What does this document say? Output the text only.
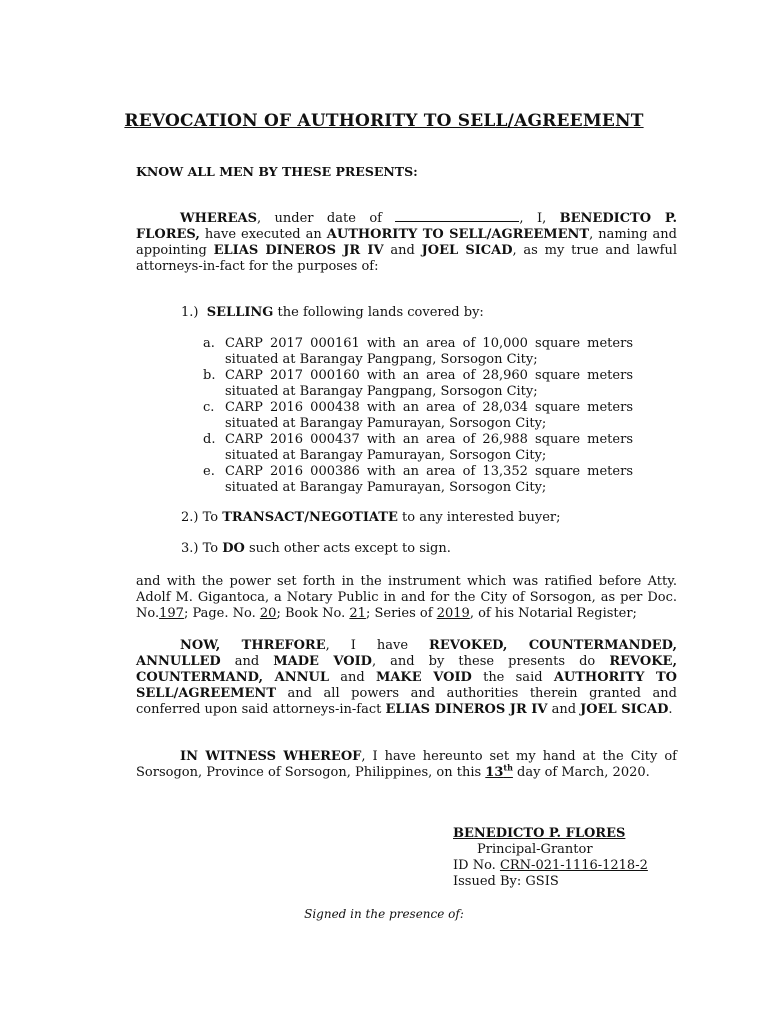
REVOCATION OF AUTHORITY TO SELL/AGREEMENT
KNOW ALL MEN BY THESE PRESENTS:
WHEREAS, under date of	, I, BENEDICTO P. FLORES, have executed an AUTHORITY TO SELL/AGREEMENT, naming and appointing ELIAS DINEROS JR IV and JOEL SICAD, as my true and lawful attorneys-in-fact for the purposes of:
1.) SELLING the following lands covered by:
a. CARP 2017 000161 with an area of 10,000 square meters situated at Barangay Pangpang, Sorsogon City;
b. CARP 2017 000160 with an area of 28,960 square meters situated at Barangay Pangpang, Sorsogon City;
c. CARP 2016 000438 with an area of 28,034 square meters situated at Barangay Pamurayan, Sorsogon City;
d. CARP 2016 000437 with an area of 26,988 square meters situated at Barangay Pamurayan, Sorsogon City;
e. CARP 2016 000386 with an area of 13,352 square meters situated at Barangay Pamurayan, Sorsogon City;
2.) To TRANSACT/NEGOTIATE to any interested buyer;
3.) To DO such other acts except to sign.
and with the power set forth in the instrument which was ratified before Atty. Adolf M. Gigantoca, a Notary Public in and for the City of Sorsogon, as per Doc. No.197; Page. No. 20; Book No. 21; Series of 2019, of his Notarial Register;
NOW, THREFORE, I have REVOKED, COUNTERMANDED, ANNULLED and MADE VOID, and by these presents do REVOKE, COUNTERMAND, ANNUL and MAKE VOID the said AUTHORITY TO SELL/AGREEMENT and all powers and authorities therein granted and conferred upon said attorneys-in-fact ELIAS DINEROS JR IV and JOEL SICAD.
IN WITNESS WHEREOF, I have hereunto set my hand at the City of Sorsogon, Province of Sorsogon, Philippines, on this 13th day of March, 2020.
BENEDICTO P. FLORES
Principal-Grantor
ID No. CRN-021-1116-1218-2
Issued By: GSIS
Signed in the presence of:
